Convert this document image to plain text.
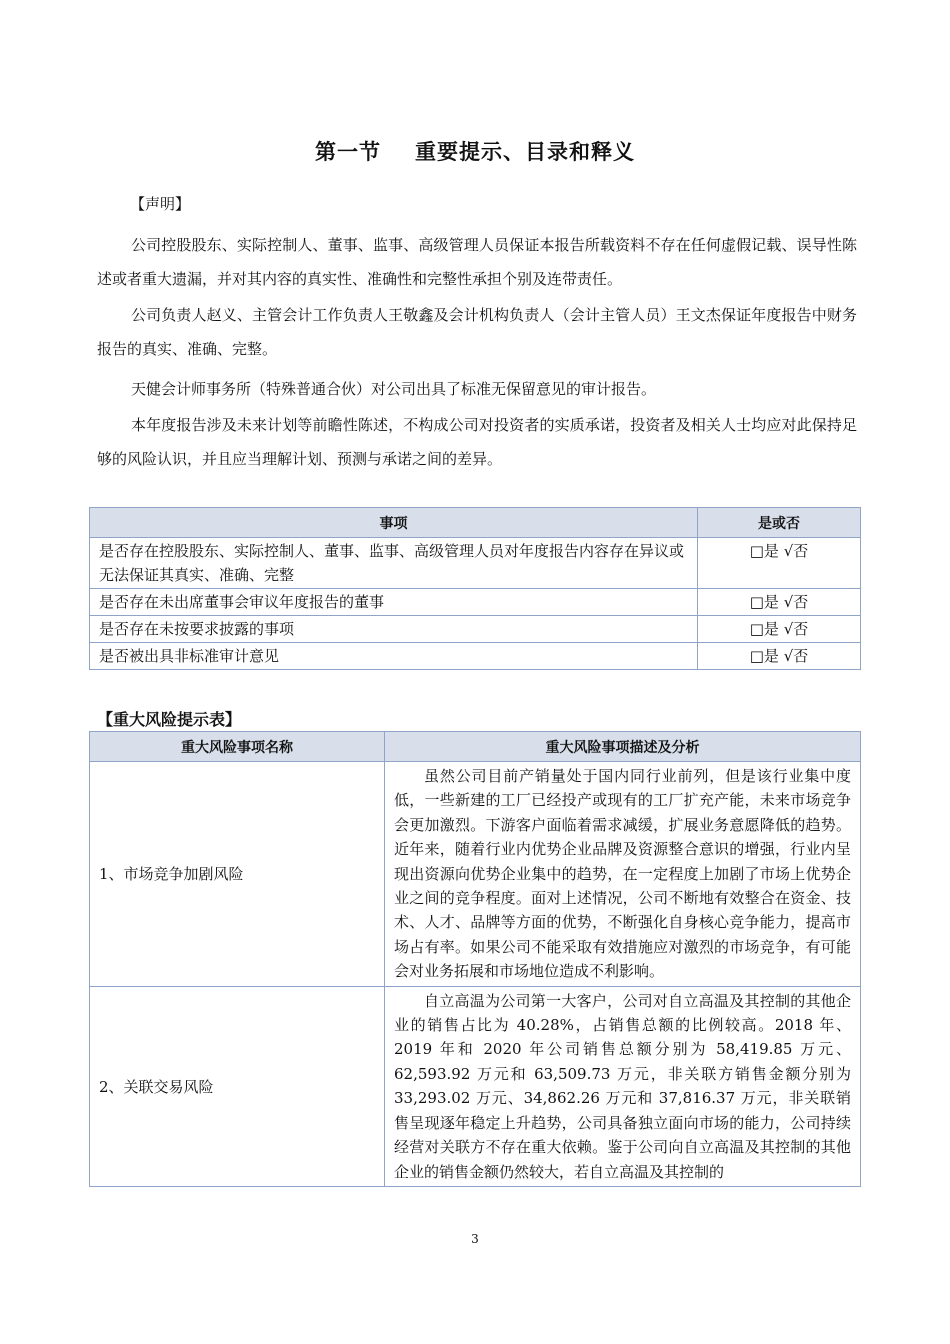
第一节 重要提示、目录和释义
【声明】

公司控股股东、实际控制人、董事、监事、高级管理人员保证本报告所载资料不存在任何虚假记载、误导性陈述或者重大遗漏，并对其内容的真实性、准确性和完整性承担个别及连带责任。

公司负责人赵义、主管会计工作负责人王敬鑫及会计机构负责人（会计主管人员）王文杰保证年度报告中财务报告的真实、准确、完整。

天健会计师事务所（特殊普通合伙）对公司出具了标准无保留意见的审计报告。

本年度报告涉及未来计划等前瞻性陈述，不构成公司对投资者的实质承诺，投资者及相关人士均应对此保持足够的风险认识，并且应当理解计划、预测与承诺之间的差异。

事项	是或否
是否存在控股股东、实际控制人、董事、监事、高级管理人员对年度报告内容存在异议或无法保证其真实、准确、完整	□是 √否
是否存在未出席董事会审议年度报告的董事	□是 √否
是否存在未按要求披露的事项	□是 √否
是否被出具非标准审计意见	□是 √否
【重大风险提示表】
重大风险事项名称	重大风险事项描述及分析
1、市场竞争加剧风险	虽然公司目前产销量处于国内同行业前列，但是该行业集中度低，一些新建的工厂已经投产或现有的工厂扩充产能，未来市场竞争会更加激烈。下游客户面临着需求减缓，扩展业务意愿降低的趋势。近年来，随着行业内优势企业品牌及资源整合意识的增强，行业内呈现出资源向优势企业集中的趋势，在一定程度上加剧了市场上优势企业之间的竞争程度。面对上述情况，公司不断地有效整合在资金、技术、人才、品牌等方面的优势，不断强化自身核心竞争能力，提高市场占有率。如果公司不能采取有效措施应对激烈的市场竞争，有可能会对业务拓展和市场地位造成不利影响。
2、关联交易风险	自立高温为公司第一大客户，公司对自立高温及其控制的其他企业的销售占比为 40.28%，占销售总额的比例较高。2018 年、2019 年和 2020 年公司销售总额分别为 58,419.85 万元、62,593.92 万元和 63,509.73 万元，非关联方销售金额分别为 33,293.02 万元、34,862.26 万元和 37,816.37 万元，非关联销售呈现逐年稳定上升趋势，公司具备独立面向市场的能力，公司持续经营对关联方不存在重大依赖。鉴于公司向自立高温及其控制的其他企业的销售金额仍然较大，若自立高温及其控制的
3
